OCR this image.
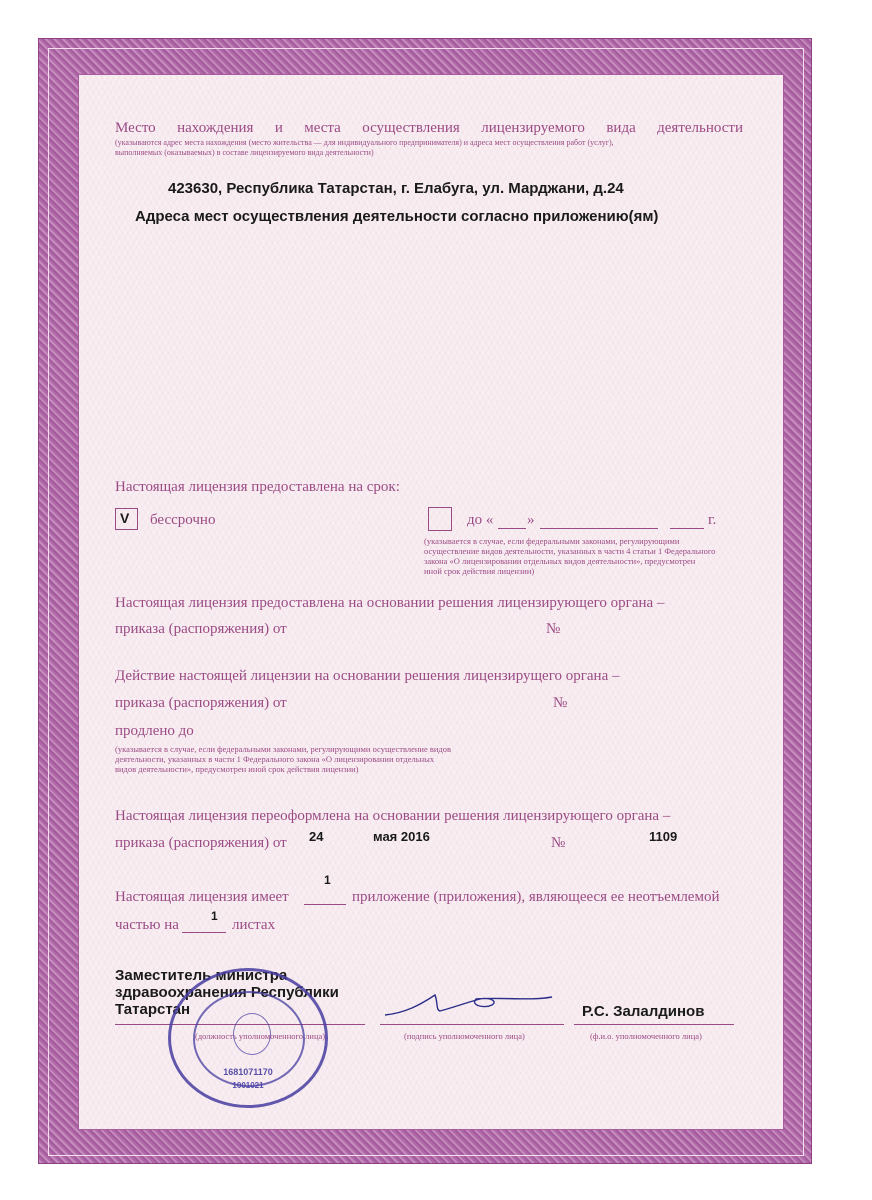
Место нахождения и места осуществления лицензируемого вида деятельности
(указываются адрес места нахождения (место жительства — для индивидуального предпринимателя) и адреса мест осуществления работ (услуг),
выполняемых (оказываемых) в составе лицензируемого вида деятельности)
423630, Республика Татарстан, г. Елабуга, ул. Марджани, д.24
Адреса мест осуществления деятельности согласно приложению(ям)
Настоящая лицензия предоставлена на срок:
V бессрочно	до « »	г.
(указывается в случае, если федеральными законами, регулирующими
осуществление видов деятельности, указанных в части 4 статьи 1 Федерального
закона «О лицензировании отдельных видов деятельности», предусмотрен
иной срок действия лицензии)
Настоящая лицензия предоставлена на основании решения лицензирующего органа –
приказа (распоряжения) от	№
Действие настоящей лицензии на основании решения лицензирущего органа –
приказа (распоряжения) от	№
продлено до
(указывается в случае, если федеральными законами, регулирующими осуществление видов
деятельности, указанных в части 1 Федерального закона «О лицензировании отдельных
видов деятельности», предусмотрен иной срок действия лицензии)
Настоящая лицензия переоформлена на основании решения лицензирующего органа –
приказа (распоряжения) от 24	мая 2016	№	1109
Настоящая лицензия имеет
1
приложение (приложения), являющееся ее неотъемлемой
частью на
1
листах
Заместитель министра
здравоохранения Республики
Татарстан
(должность уполномоченного лица)	(подпись уполномоченного лица)
Р.С. Залалдинов
(ф.и.о. уполномоченного лица)
1681071170
1001021
